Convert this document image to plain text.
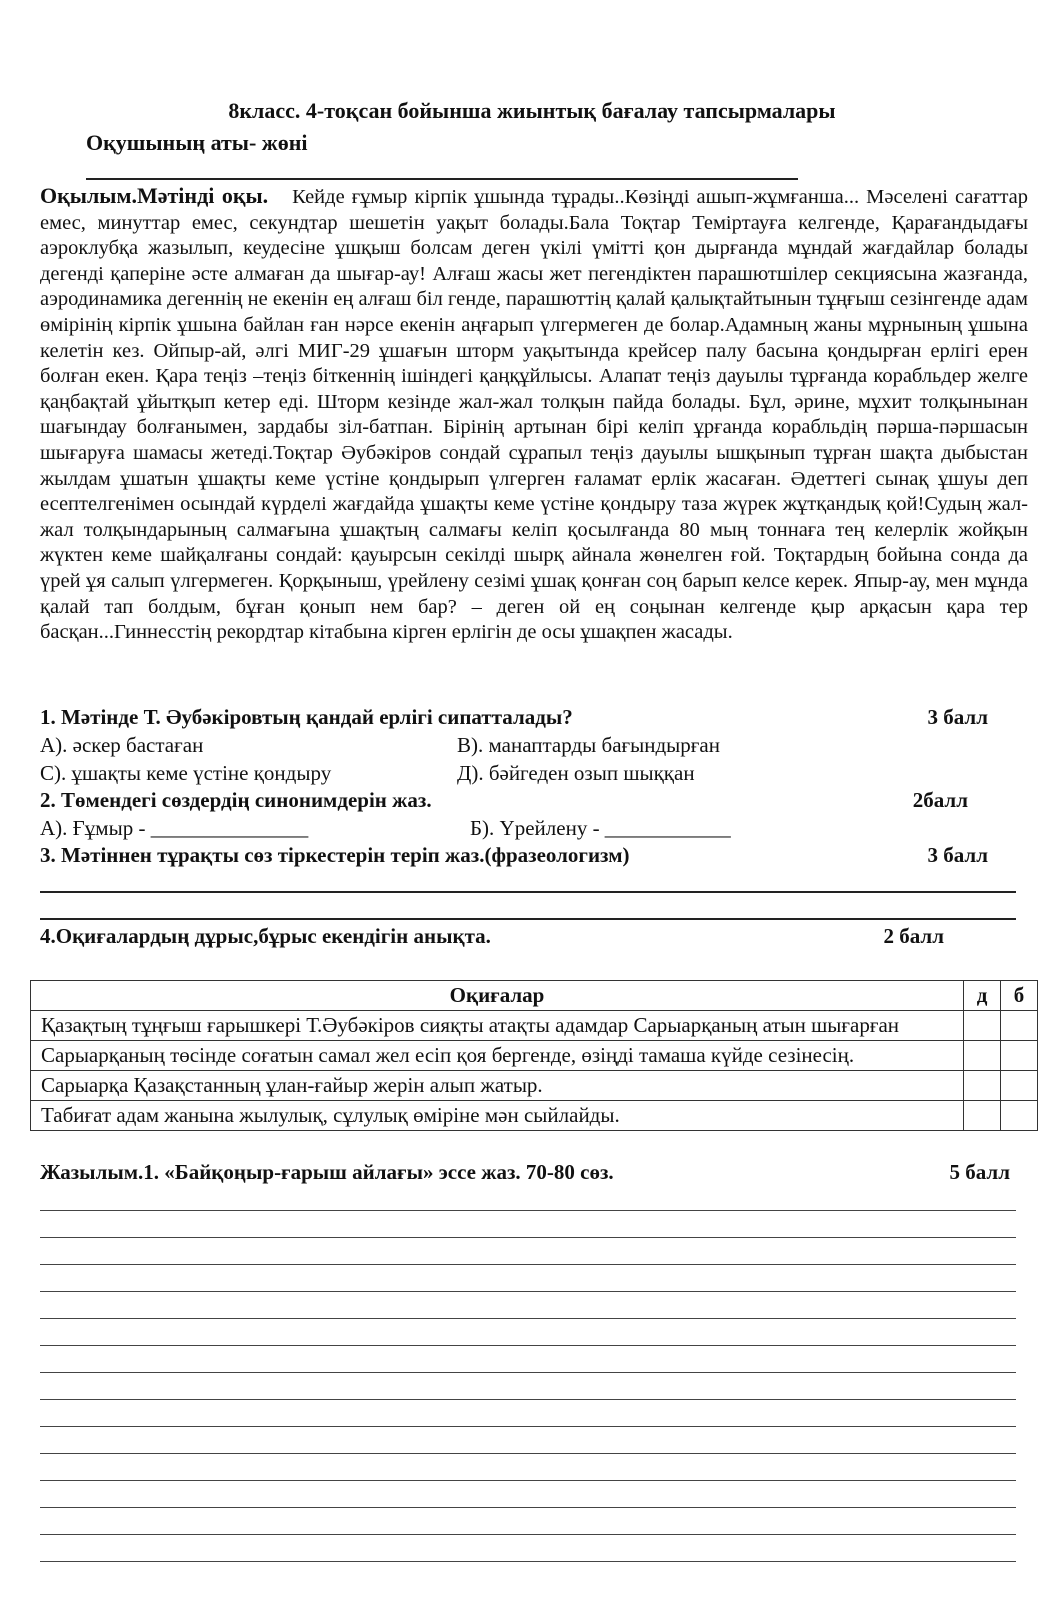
8класс. 4-тоқсан бойынша жиынтық бағалау тапсырмалары
Оқушының аты- жөні
Оқылым.Мәтінді оқы. Кейде ғұмыр кірпік ұшында тұрады..Көзіңді ашып-жұмғанша... Мәселені сағаттар емес, минуттар емес, секундтар шешетін уақыт болады.Бала Тоқтар Теміртауға келгенде, Қарағандыдағы аэроклубқа жазылып, кеудесіне ұшқыш болсам деген үкілі үмітті қон дырғанда мұндай жағдайлар болады дегенді қаперіне әсте алмаған да шығар-ау! Алғаш жасы жет пегендіктен парашютшілер секциясына жазғанда, аэродинамика дегеннің не екенін ең алғаш біл генде, парашюттің қалай қалықтайтынын тұңғыш сезінгенде адам өмірінің кірпік ұшына байлан ған нәрсе екенін аңғарып үлгермеген де болар.Адамның жаны мұрнының ұшына келетін кез. Ойпыр-ай, әлгі МИГ-29 ұшағын шторм уақытында крейсер палу басына қондырған ерлігі ерен болған екен. Қара теңіз –теңіз біткеннің ішіндегі қаңқұйлысы. Алапат теңіз дауылы тұрғанда корабльдер желге қаңбақтай ұйытқып кетер еді. Шторм кезінде жал-жал толқын пайда болады. Бұл, әрине, мұхит толқынынан шағындау болғанымен, зардабы зіл-батпан. Бірінің артынан бірі келіп ұрғанда корабльдің пәрша-пәршасын шығаруға шамасы жетеді.Тоқтар Әубәкіров сондай сұрапыл теңіз дауылы ышқынып тұрған шақта дыбыстан жылдам ұшатын ұшақты кеме үстіне қондырып үлгерген ғаламат ерлік жасаған. Әдеттегі сынақ ұшуы деп есептелгенімен осындай күрделі жағдайда ұшақты кеме үстіне қондыру таза жүрек жұтқандық қой!Судың жал-жал толқындарының салмағына ұшақтың салмағы келіп қосылғанда 80 мың тоннаға тең келерлік жойқын жүктен кеме шайқалғаны сондай: қауырсын секілді шырқ айнала жөнелген ғой. Тоқтардың бойына сонда да үрей ұя салып үлгермеген. Қорқыныш, үрейлену сезімі ұшақ қонған соң барып келсе керек. Япыр-ау, мен мұнда қалай тап болдым, бұған қонып нем бар? – деген ой ең соңынан келгенде қыр арқасын қара тер басқан...Гиннесстің рекордтар кітабына кірген ерлігін де осы ұшақпен жасады.
1. Мәтінде Т. Әубәкіровтың қандай ерлігі сипатталады?	3 балл
А). әскер бастаған	В). манаптарды бағындырған
С). ұшақты кеме үстіне қондыру	Д). бәйгеден озып шыққан
2. Төмендегі сөздердің синонимдерін жаз.	2балл
А). Ғұмыр - _______________	Б). Үрейлену - ____________
3. Мәтіннен тұрақты сөз тіркестерін теріп жаз.(фразеологизм)	3 балл
4.Оқиғалардың дұрыс,бұрыс екендігін анықта.	2 балл
Оқиғалар	д	б
Қазақтың тұңғыш ғарышкері Т.Әубәкіров сияқты атақты адамдар Сарыарқаның атын шығарған		
Сарыарқаның төсінде соғатын самал жел есіп қоя бергенде, өзіңді тамаша күйде сезінесің.		
Сарыарқа Қазақстанның ұлан-ғайыр жерін алып жатыр.		
Табиғат адам жанына жылулық, сұлулық өміріне мән сыйлайды.		
Жазылым.1. «Байқоңыр-ғарыш айлағы» эссе жаз. 70-80 сөз.	5 балл
